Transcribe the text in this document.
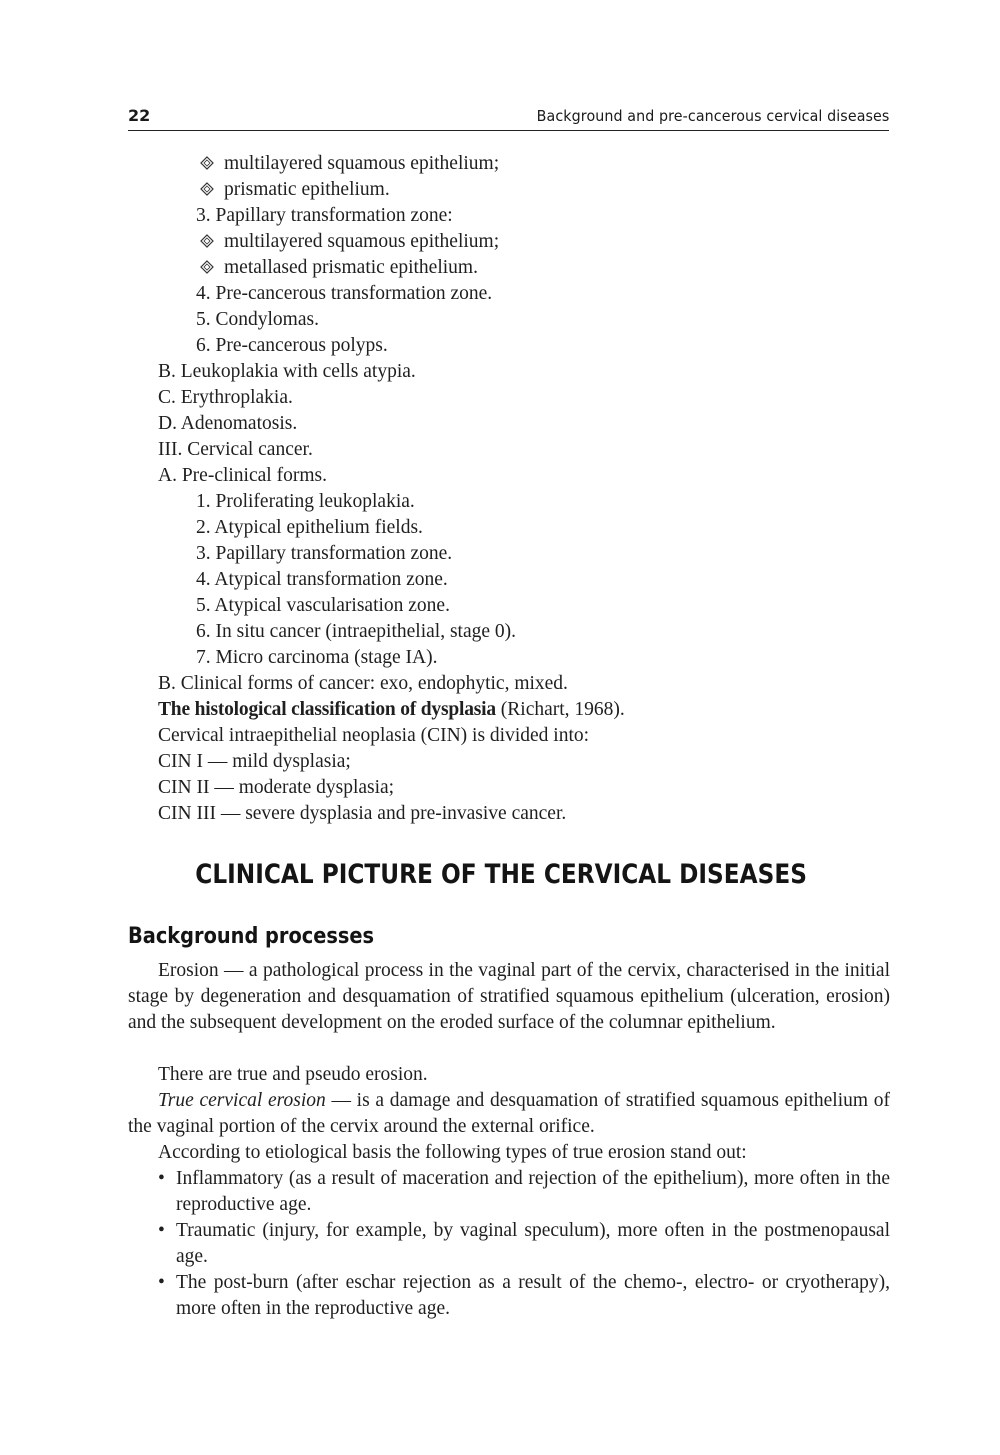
22	Background and pre-cancerous cervical diseases
multilayered squamous epithelium;
prismatic epithelium.
3. Papillary transformation zone:
multilayered squamous epithelium;
metallased prismatic epithelium.
4. Pre-cancerous transformation zone.
5. Condylomas.
6. Pre-cancerous polyps.
B. Leukoplakia with cells atypia.
C. Erythroplakia.
D. Adenomatosis.
III. Cervical cancer.
A. Pre-clinical forms.
1. Proliferating leukoplakia.
2. Atypical epithelium fields.
3. Papillary transformation zone.
4. Atypical transformation zone.
5. Atypical vascularisation zone.
6. In situ cancer (intraepithelial, stage 0).
7. Micro carcinoma (stage IA).
B. Clinical forms of cancer: exo, endophytic, mixed.
The histological classification of dysplasia (Richart, 1968).
Cervical intraepithelial neoplasia (CIN) is divided into:
CIN I — mild dysplasia;
CIN II — moderate dysplasia;
CIN III — severe dysplasia and pre-invasive cancer.
CLINICAL PICTURE OF THE CERVICAL DISEASES
Background processes
Erosion — a pathological process in the vaginal part of the cervix, characterised in the initial stage by degeneration and desquamation of stratified squamous epithelium (ulceration, erosion) and the subsequent development on the eroded surface of the columnar epithelium.
There are true and pseudo erosion.
True cervical erosion — is a damage and desquamation of stratified squamous epithelium of the vaginal portion of the cervix around the external orifice.
According to etiological basis the following types of true erosion stand out:
• Inflammatory (as a result of maceration and rejection of the epithelium), more often in the reproductive age.
• Traumatic (injury, for example, by vaginal speculum), more often in the postmenopausal age.
• The post-burn (after eschar rejection as a result of the chemo-, electro- or cryotherapy), more often in the reproductive age.
